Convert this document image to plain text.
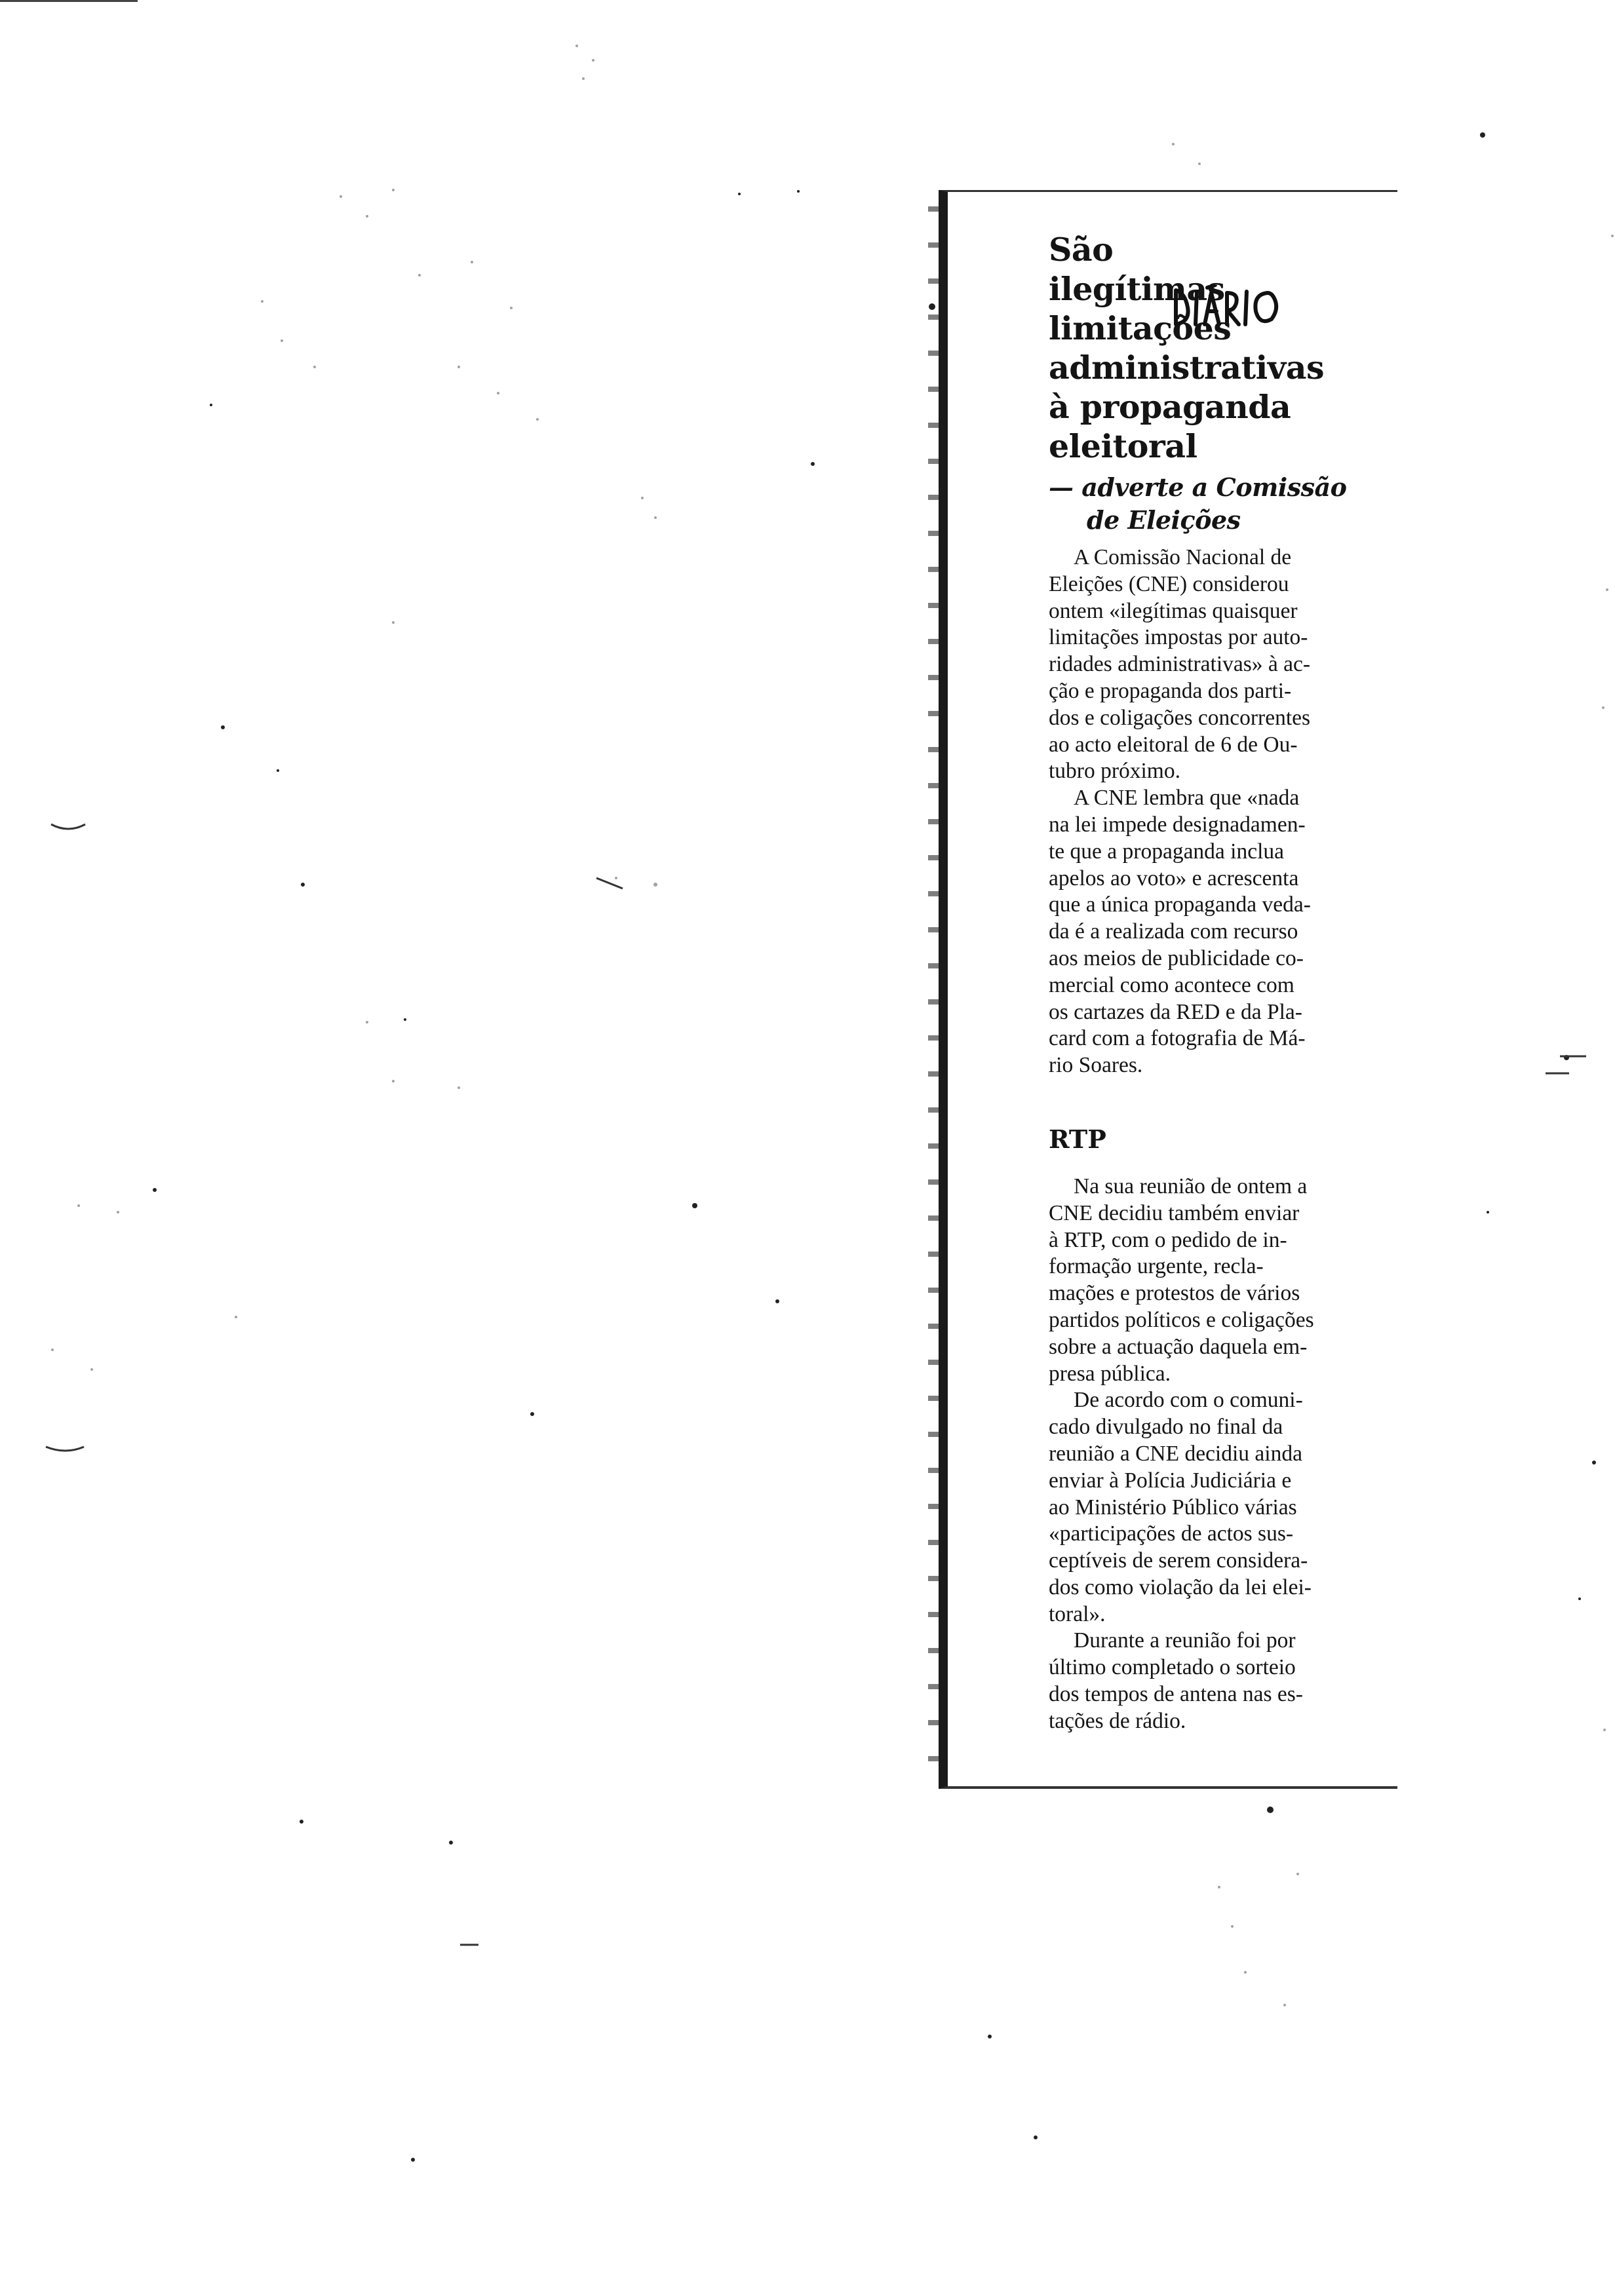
São
ilegítimas
limitações
administrativas
à propaganda
eleitoral
— adverte a Comissão
de Eleições

A Comissão Nacional de
Eleições (CNE) considerou
ontem «ilegítimas quaisquer
limitações impostas por auto-
ridades administrativas» à ac-
ção e propaganda dos parti-
dos e coligações concorrentes
ao acto eleitoral de 6 de Ou-
tubro próximo.

A CNE lembra que «nada
na lei impede designadamen-
te que a propaganda inclua
apelos ao voto» e acrescenta
que a única propaganda veda-
da é a realizada com recurso
aos meios de publicidade co-
mercial como acontece com
os cartazes da RED e da Pla-
card com a fotografia de Má-
rio Soares.

RTP

Na sua reunião de ontem a
CNE decidiu também enviar
à RTP, com o pedido de in-
formação urgente, recla-
mações e protestos de vários
partidos políticos e coligações
sobre a actuação daquela em-
presa pública.

De acordo com o comuni-
cado divulgado no final da
reunião a CNE decidiu ainda
enviar à Polícia Judiciária e
ao Ministério Público várias
«participações de actos sus-
ceptíveis de serem considera-
dos como violação da lei elei-
toral».

Durante a reunião foi por
último completado o sorteio
dos tempos de antena nas es-
tações de rádio.
